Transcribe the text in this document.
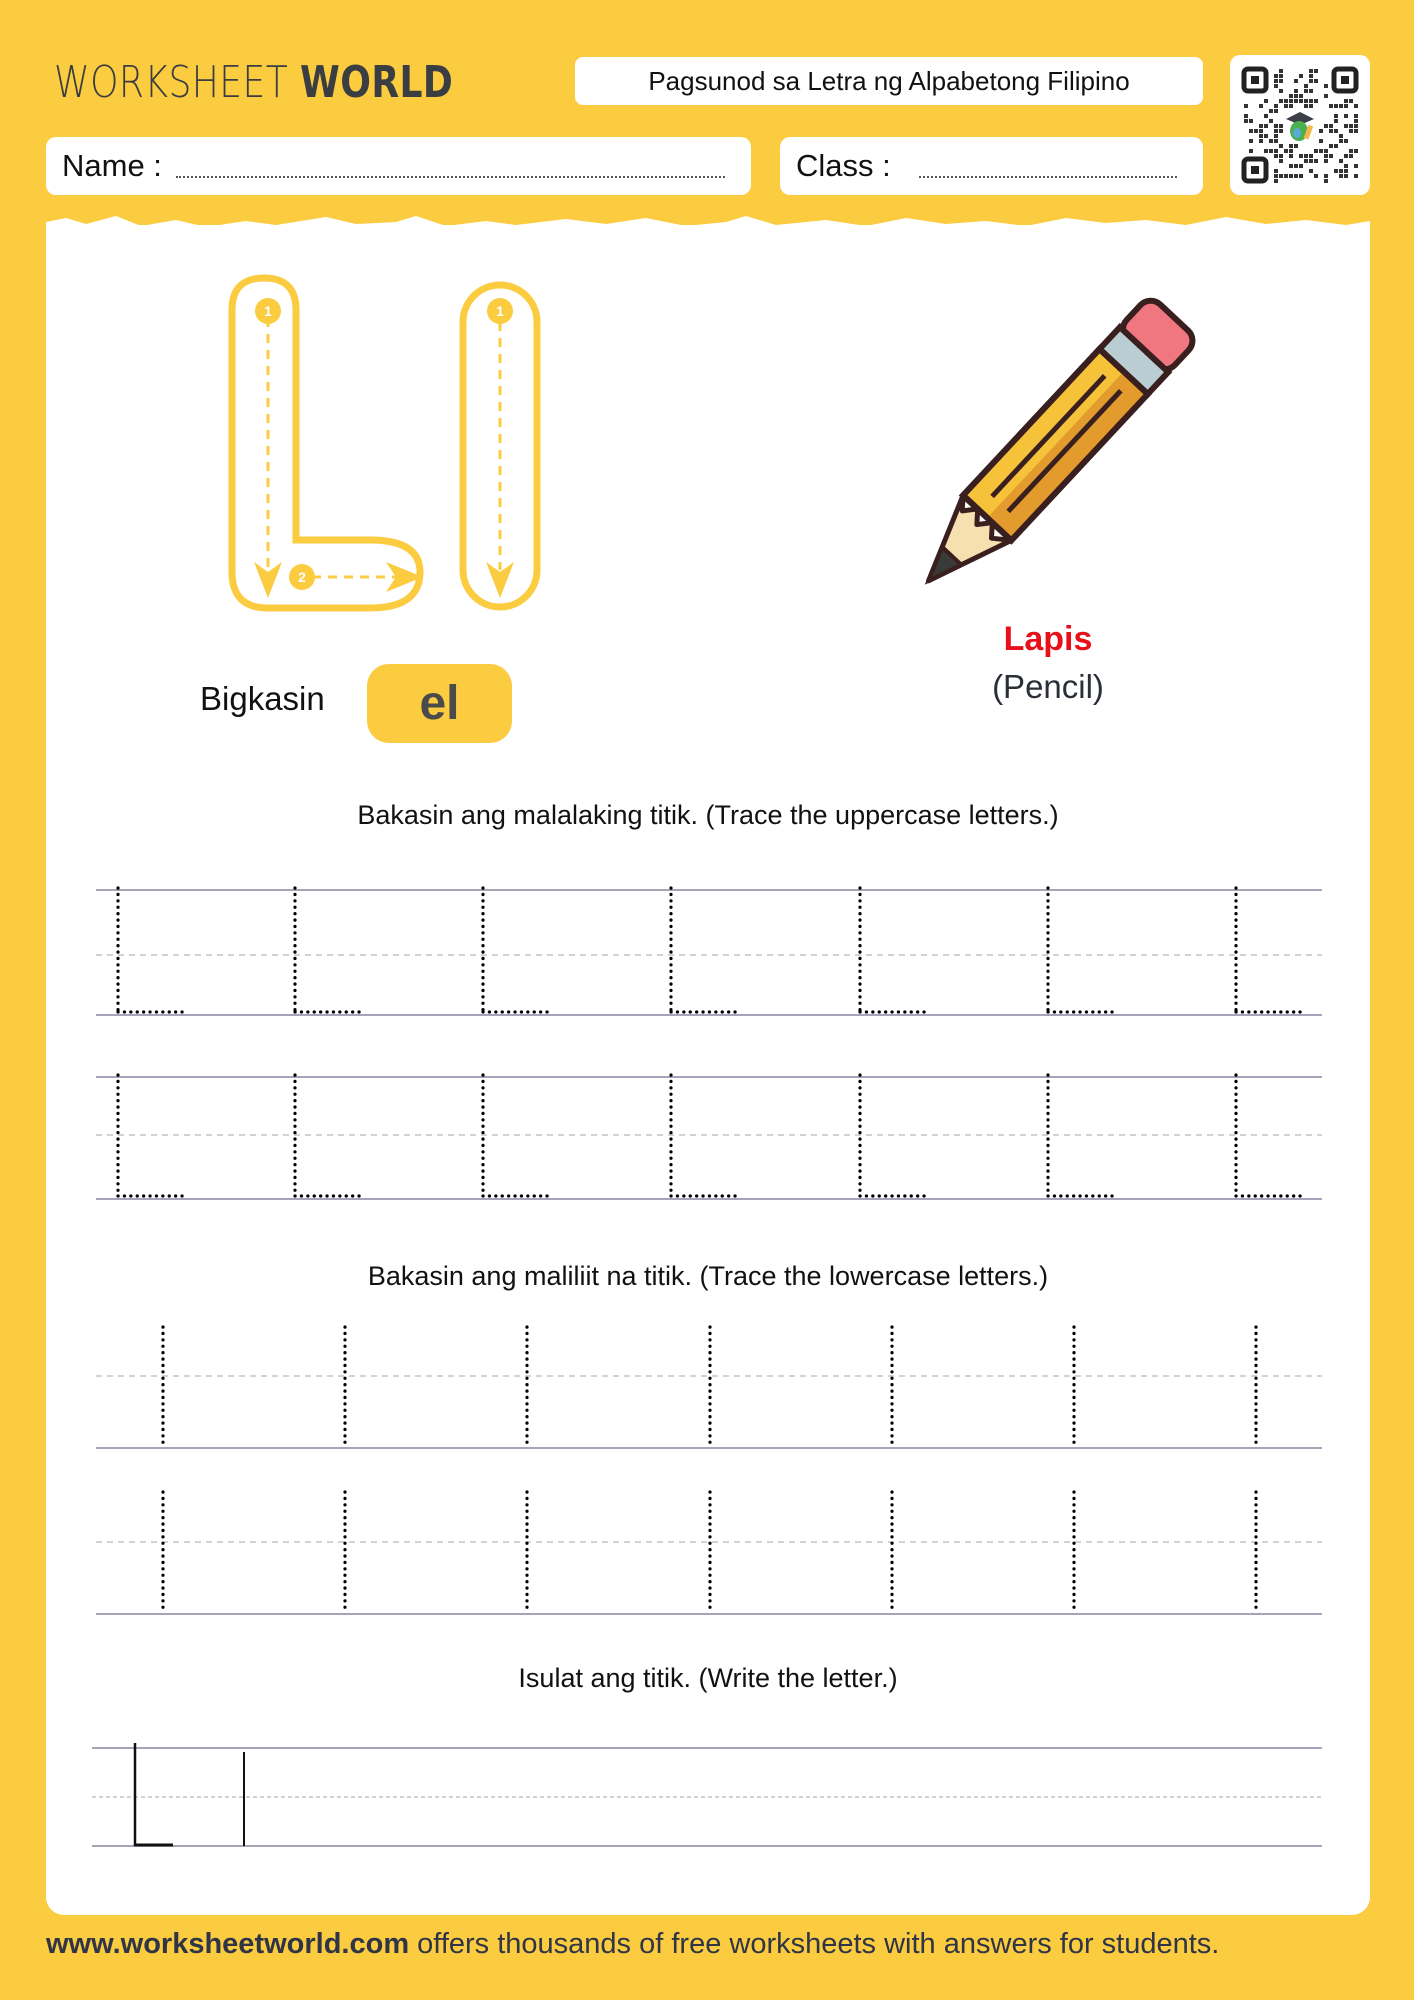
WORKSHEET WORLD	Pagsunod sa Letra ng Alpabetong Filipino
Name :	Class :
1
2
1
Bigkasin	el
Lapis
(Pencil)
Bakasin ang malalaking titik. (Trace the uppercase letters.)
Bakasin ang maliliit na titik. (Trace the lowercase letters.)
Isulat ang titik. (Write the letter.)
www.worksheetworld.com offers thousands of free worksheets with answers for students.
